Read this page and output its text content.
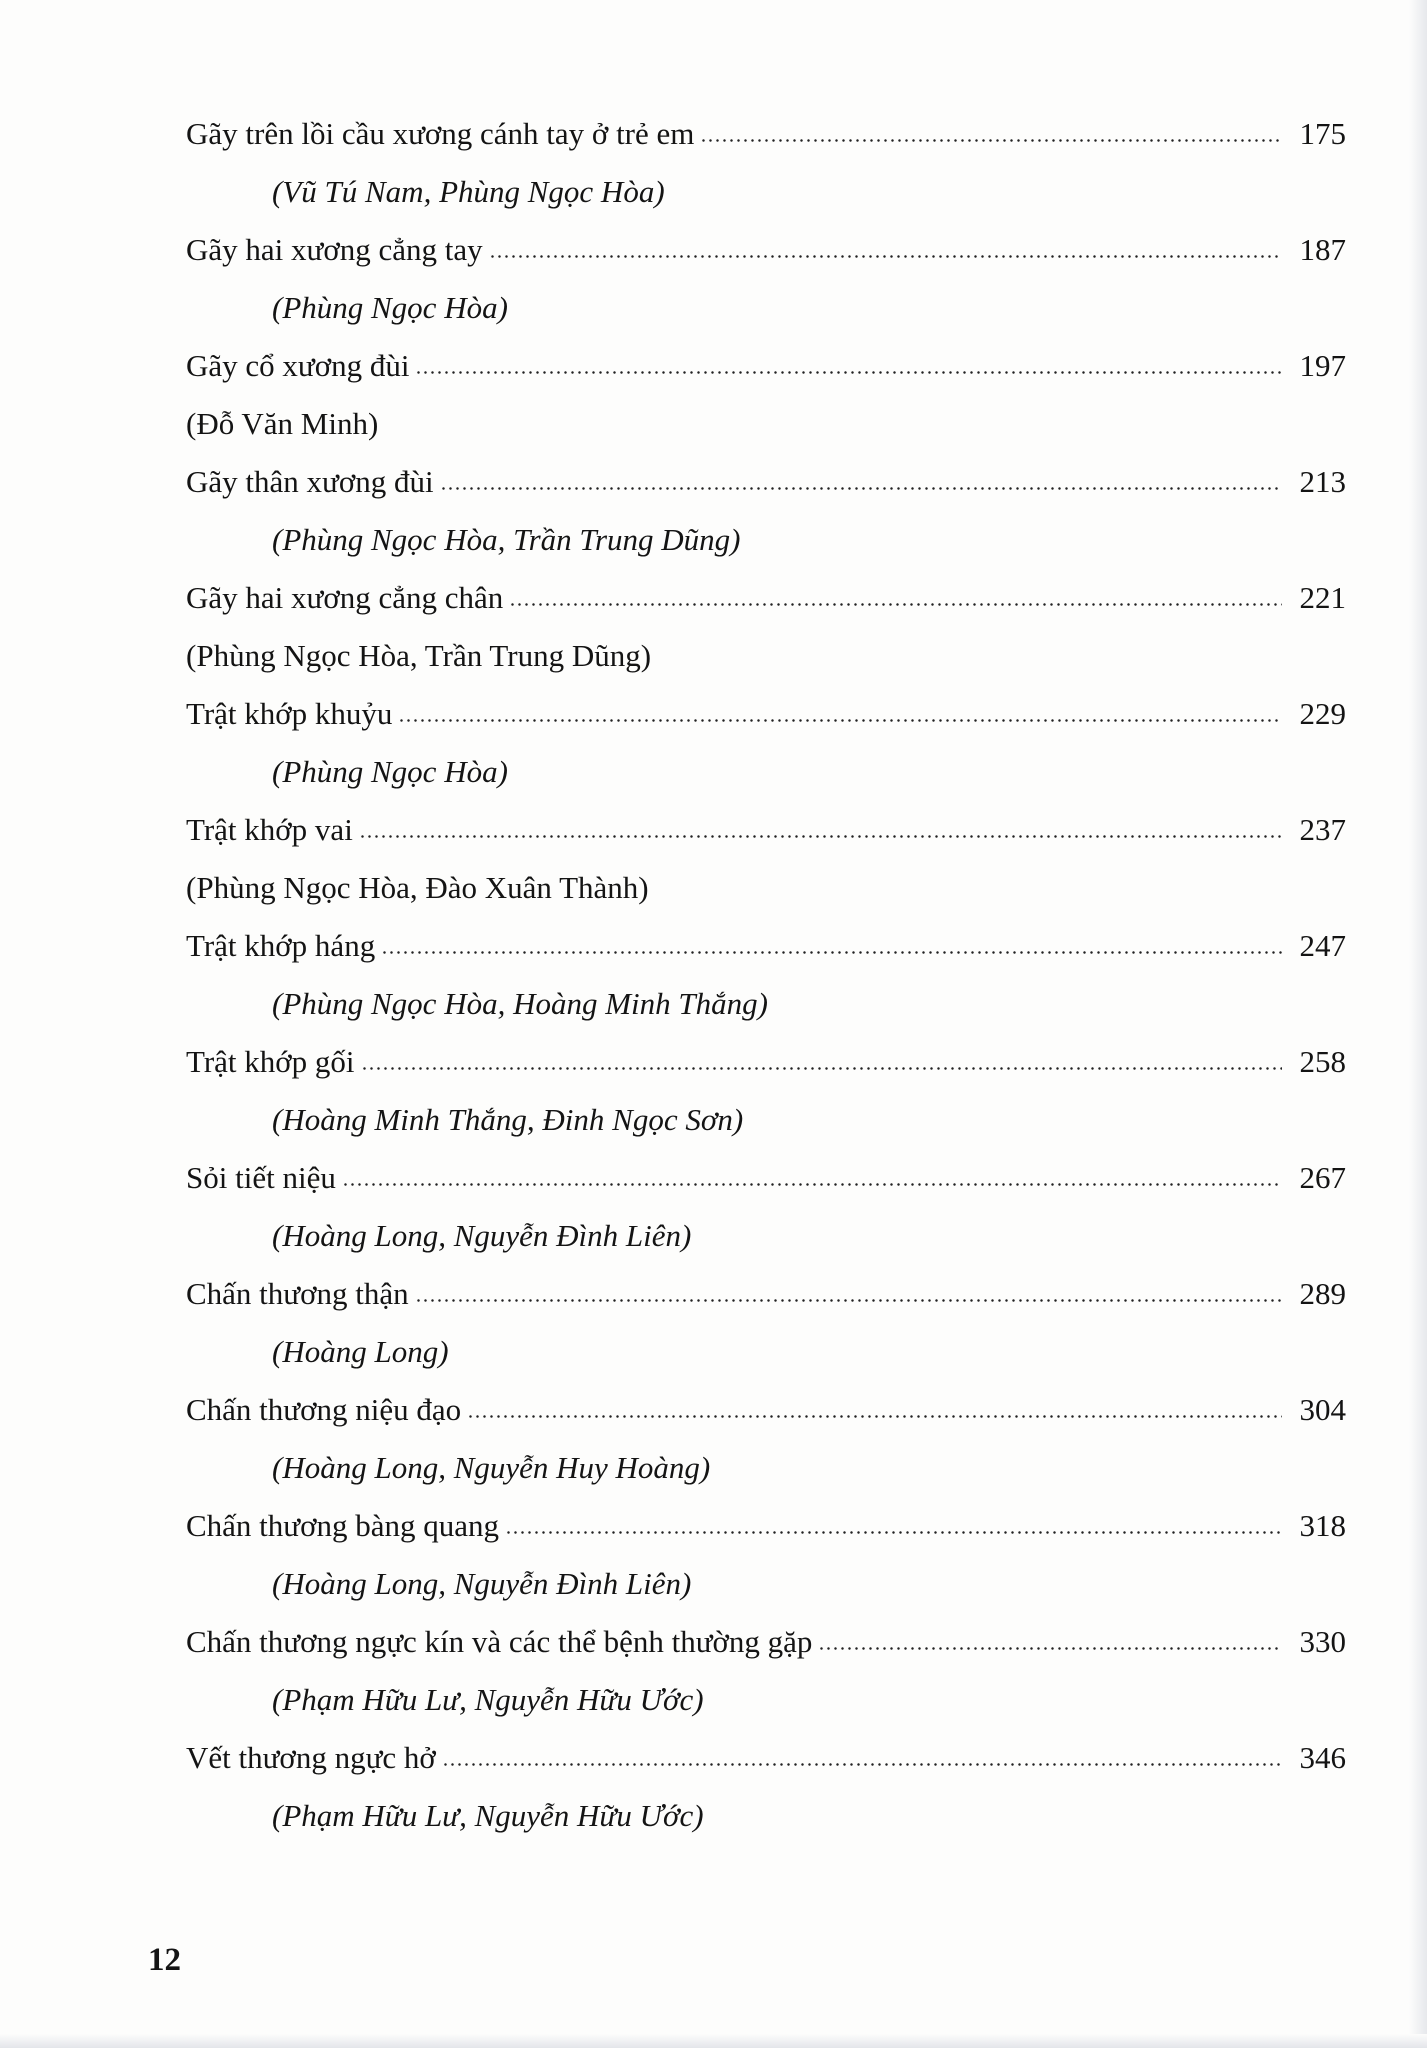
Gãy trên lồi cầu xương cánh tay ở trẻ em	175
(Vũ Tú Nam, Phùng Ngọc Hòa)
Gãy hai xương cẳng tay	187
(Phùng Ngọc Hòa)
Gãy cổ xương đùi	197
(Đỗ Văn Minh)
Gãy thân xương đùi	213
(Phùng Ngọc Hòa, Trần Trung Dũng)
Gãy hai xương cẳng chân	221
(Phùng Ngọc Hòa, Trần Trung Dũng)
Trật khớp khuỷu	229
(Phùng Ngọc Hòa)
Trật khớp vai	237
(Phùng Ngọc Hòa, Đào Xuân Thành)
Trật khớp háng	247
(Phùng Ngọc Hòa, Hoàng Minh Thắng)
Trật khớp gối	258
(Hoàng Minh Thắng, Đinh Ngọc Sơn)
Sỏi tiết niệu	267
(Hoàng Long, Nguyễn Đình Liên)
Chấn thương thận	289
(Hoàng Long)
Chấn thương niệu đạo	304
(Hoàng Long, Nguyễn Huy Hoàng)
Chấn thương bàng quang	318
(Hoàng Long, Nguyễn Đình Liên)
Chấn thương ngực kín và các thể bệnh thường gặp	330
(Phạm Hữu Lư, Nguyễn Hữu Ước)
Vết thương ngực hở	346
(Phạm Hữu Lư, Nguyễn Hữu Ước)
12
